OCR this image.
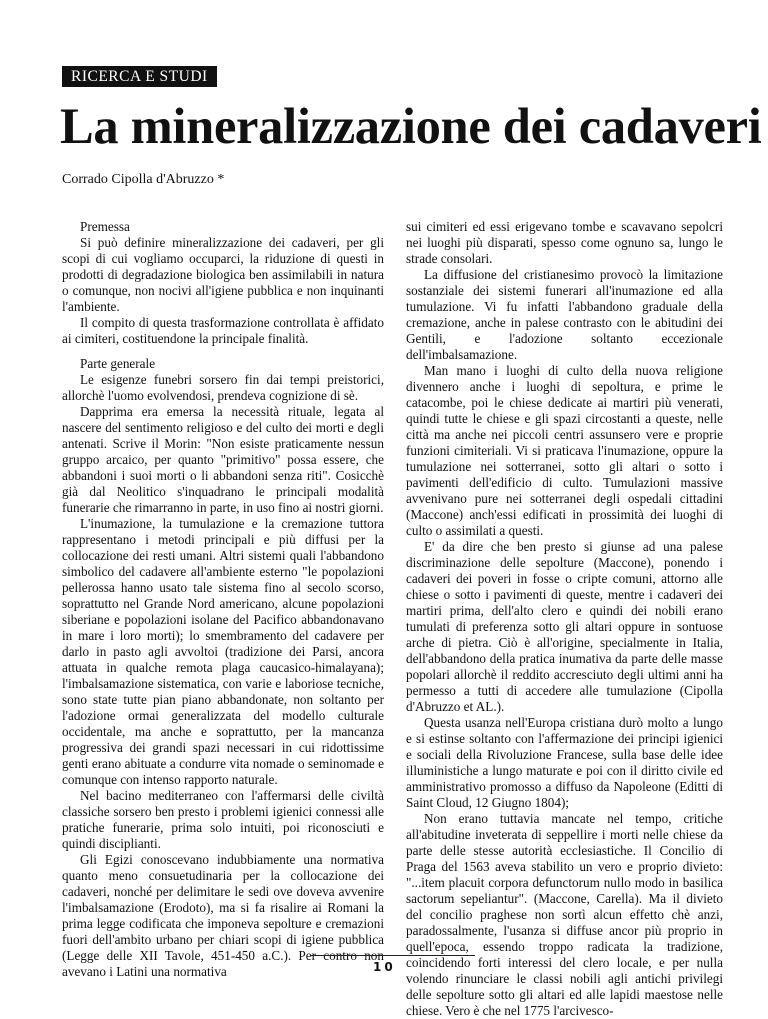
RICERCA E STUDI
La mineralizzazione dei cadaveri
Corrado Cipolla d'Abruzzo *

Premessa

Si può definire mineralizzazione dei cadaveri, per gli scopi di cui vogliamo occuparci, la riduzione di questi in prodotti di degradazione biologica ben assimilabili in natura o comunque, non nocivi all'igiene pubblica e non inquinanti l'ambiente.

Il compito di questa trasformazione controllata è affidato ai cimiteri, costituendone la principale finalità.

Parte generale

Le esigenze funebri sorsero fin dai tempi preistorici, allorchè l'uomo evolvendosi, prendeva cognizione di sè.

Dapprima era emersa la necessità rituale, legata al nascere del sentimento religioso e del culto dei morti e degli antenati. Scrive il Morin: "Non esiste praticamente nessun gruppo arcaico, per quanto "primitivo" possa essere, che abbandoni i suoi morti o li abbandoni senza riti". Cosicchè già dal Neolitico s'inquadrano le principali modalità funerarie che rimarranno in parte, in uso fino ai nostri giorni.

L'inumazione, la tumulazione e la cremazione tuttora rappresentano i metodi principali e più diffusi per la collocazione dei resti umani. Altri sistemi quali l'abbandono simbolico del cadavere all'ambiente esterno "le popolazioni pellerossa hanno usato tale sistema fino al secolo scorso, soprattutto nel Grande Nord americano, alcune popolazioni siberiane e popolazioni isolane del Pacifico abbandonavano in mare i loro morti); lo smembramento del cadavere per darlo in pasto agli avvoltoi (tradizione dei Parsi, ancora attuata in qualche remota plaga caucasico-himalayana); l'imbalsamazione sistematica, con varie e laboriose tecniche, sono state tutte pian piano abbandonate, non soltanto per l'adozione ormai generalizzata del modello culturale occidentale, ma anche e soprattutto, per la mancanza progressiva dei grandi spazi necessari in cui ridottissime genti erano abituate a condurre vita nomade o seminomade e comunque con intenso rapporto naturale.

Nel bacino mediterraneo con l'affermarsi delle civiltà classiche sorsero ben presto i problemi igienici connessi alle pratiche funerarie, prima solo intuiti, poi riconosciuti e quindi disciplianti.

Gli Egizi conoscevano indubbiamente una normativa quanto meno consuetudinaria per la collocazione dei cadaveri, nonché per delimitare le sedi ove doveva avvenire l'imbalsamazione (Erodoto), ma si fa risalire ai Romani la prima legge codificata che imponeva sepolture e cremazioni fuori dell'ambito urbano per chiari scopi di igiene pubblica (Legge delle XII Tavole, 451-450 a.C.). Per contro non avevano i Latini una normativa

sui cimiteri ed essi erigevano tombe e scavavano sepolcri nei luoghi più disparati, spesso come ognuno sa, lungo le strade consolari.

La diffusione del cristianesimo provocò la limitazione sostanziale dei sistemi funerari all'inumazione ed alla tumulazione. Vi fu infatti l'abbandono graduale della cremazione, anche in palese contrasto con le abitudini dei Gentili, e l'adozione soltanto eccezionale dell'imbalsamazione.

Man mano i luoghi di culto della nuova religione divennero anche i luoghi di sepoltura, e prime le catacombe, poi le chiese dedicate ai martiri più venerati, quindi tutte le chiese e gli spazi circostanti a queste, nelle città ma anche nei piccoli centri assunsero vere e proprie funzioni cimiteriali. Vi si praticava l'inumazione, oppure la tumulazione nei sotterranei, sotto gli altari o sotto i pavimenti dell'edificio di culto. Tumulazioni massive avvenivano pure nei sotterranei degli ospedali cittadini (Maccone) anch'essi edificati in prossimità dei luoghi di culto o assimilati a questi.

E' da dire che ben presto si giunse ad una palese discriminazione delle sepolture (Maccone), ponendo i cadaveri dei poveri in fosse o cripte comuni, attorno alle chiese o sotto i pavimenti di queste, mentre i cadaveri dei martiri prima, dell'alto clero e quindi dei nobili erano tumulati di preferenza sotto gli altari oppure in sontuose arche di pietra. Ciò è all'origine, specialmente in Italia, dell'abbandono della pratica inumativa da parte delle masse popolari allorchè il reddito accresciuto degli ultimi anni ha permesso a tutti di accedere alle tumulazione (Cipolla d'Abruzzo et AL.).

Questa usanza nell'Europa cristiana durò molto a lungo e si estinse soltanto con l'affermazione dei principi igienici e sociali della Rivoluzione Francese, sulla base delle idee illuministiche a lungo maturate e poi con il diritto civile ed amministrativo promosso a diffuso da Napoleone (Editti di Saint Cloud, 12 Giugno 1804);

Non erano tuttavia mancate nel tempo, critiche all'abitudine inveterata di seppellire i morti nelle chiese da parte delle stesse autorità ecclesiastiche. Il Concilio di Praga del 1563 aveva stabilito un vero e proprio divieto: "...item placuit corpora defunctorum nullo modo in basilica sactorum sepeliantur". (Maccone, Carella). Ma il divieto del concilio praghese non sortì alcun effetto chè anzi, paradossalmente, l'usanza si diffuse ancor più proprio in quell'epoca, essendo troppo radicata la tradizione, coincidendo forti interessi del clero locale, e per nulla volendo rinunciare le classi nobili agli antichi privilegi delle sepolture sotto gli altari ed alle lapidi maestose nelle chiese. Vero è che nel 1775 l'arcivesco-

10
